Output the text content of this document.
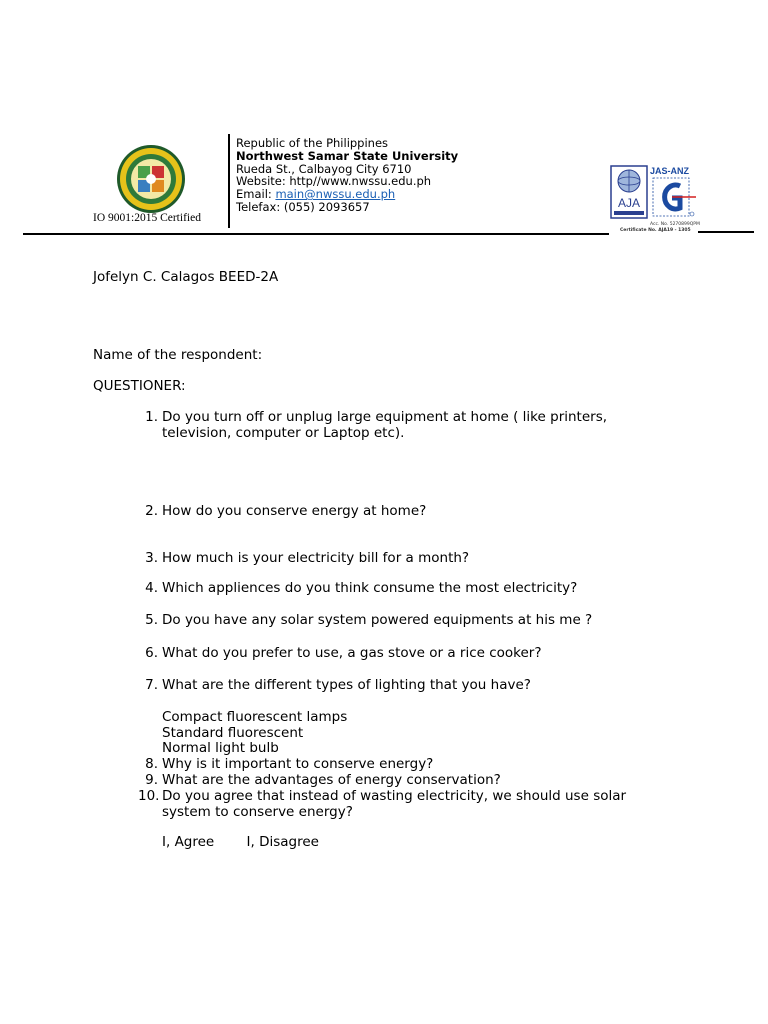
IO 9001:2015 Certified
Republic of the Philippines
Northwest Samar State University
Rueda St., Calbayog City 6710
Website: http//www.nwssu.edu.ph
Email: main@nwssu.edu.ph
Telefax: (055) 2093657	AJA
JAS-ANZ
Acc. No. 5270899QPM
Certificate No. AJA19 - 1305
Jofelyn C. Calagos BEED-2A
Name of the respondent:
QUESTIONER:
1. Do you turn off or unplug large equipment at home ( like printers,
television, computer or Laptop etc).
2. How do you conserve energy at home?
3. How much is your electricity bill for a month?
4. Which appliences do you think consume the most electricity?
5. Do you have any solar system powered equipments at his me ?
6. What do you prefer to use, a gas stove or a rice cooker?
7. What are the different types of lighting that you have?
Compact fluorescent lamps
Standard fluorescent
Normal light bulb
8. Why is it important to conserve energy?
9. What are the advantages of energy conservation?
10. Do you agree that instead of wasting electricity, we should use solar
system to conserve energy?
I, Agree I, Disagree
